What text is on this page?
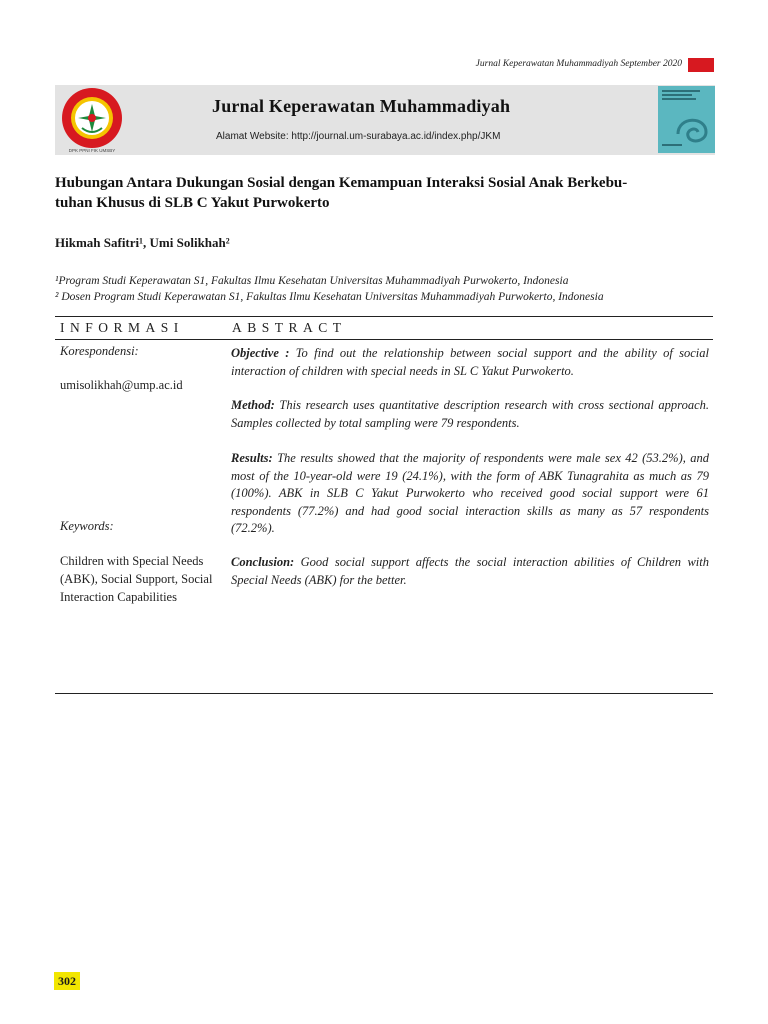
Jurnal Keperawatan Muhammadiyah September 2020
DPK PPNI FIK UMSBY
Jurnal Keperawatan Muhammadiyah
Alamat Website: http://journal.um-surabaya.ac.id/index.php/JKM
Hubungan Antara Dukungan Sosial dengan Kemampuan Interaksi Sosial Anak Berkebu-
tuhan Khusus di SLB C Yakut Purwokerto
Hikmah Safitri¹, Umi Solikhah²
¹Program Studi Keperawatan S1, Fakultas Ilmu Kesehatan Universitas Muhammadiyah Purwokerto, Indonesia
² Dosen Program Studi Keperawatan S1, Fakultas Ilmu Kesehatan Universitas Muhammadiyah Purwokerto, Indonesia
INFORMASI	ABSTRACT
Korespondensi:
umisolikhah@ump.ac.id
Keywords:
Children with Special Needs (ABK), Social Support, Social Interaction Capabilities
Objective : To find out the relationship between social support and the ability of social interaction of children with special needs in SL C Yakut Purwokerto.
Method: This research uses quantitative description research with cross sectional approach. Samples collected by total sampling were 79 respondents.
Results: The results showed that the majority of respondents were male sex 42 (53.2%), and most of the 10-year-old were 19 (24.1%), with the form of ABK Tunagrahita as much as 79 (100%). ABK in SLB C Yakut Purwokerto who received good social support were 61 respondents (77.2%) and had good social interaction skills as many as 57 respondents (72.2%).
Conclusion: Good social support affects the social interaction abilities of Children with Special Needs (ABK) for the better.
302
